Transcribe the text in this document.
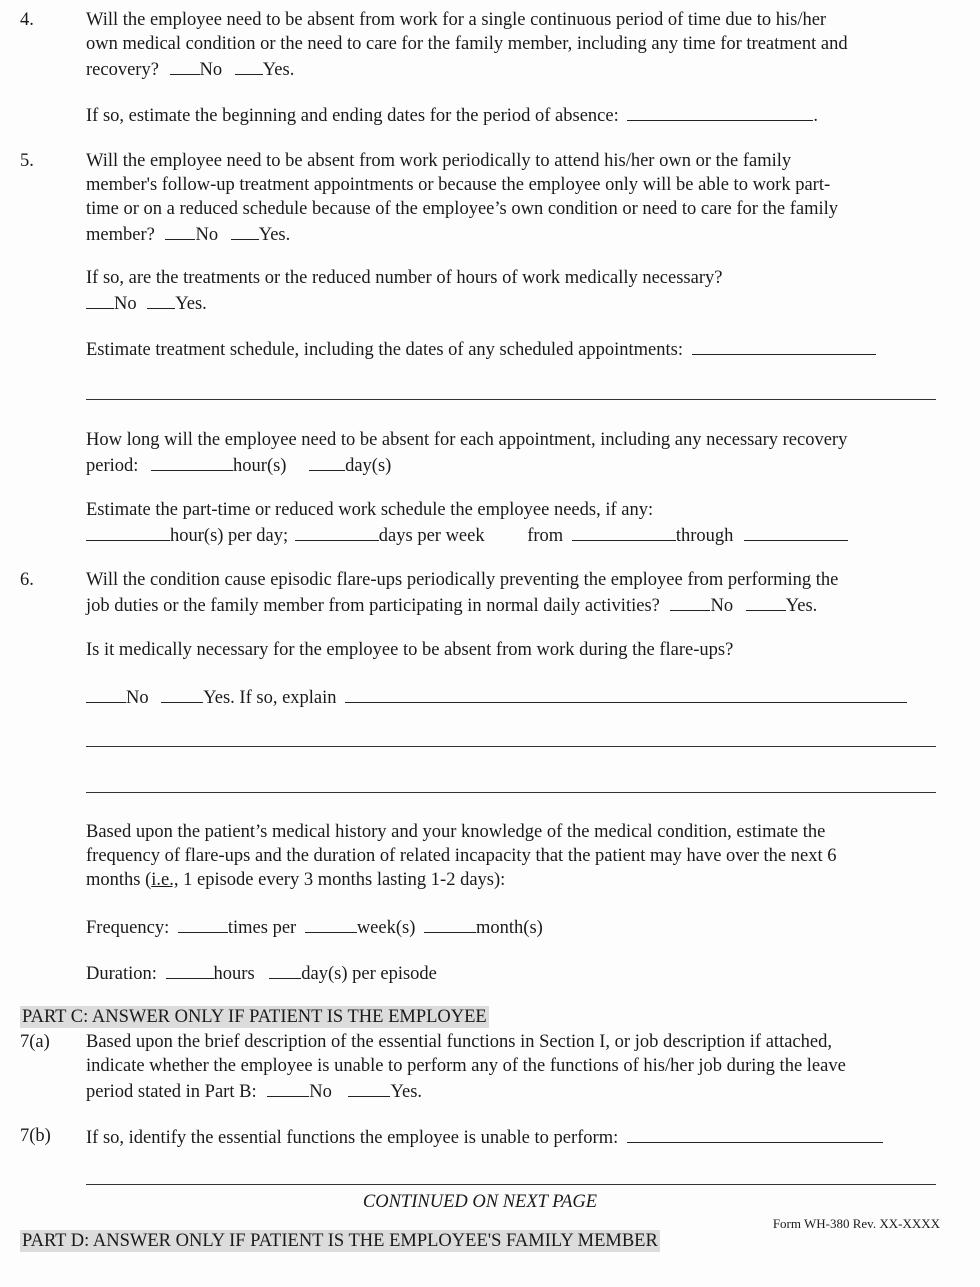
4.	Will the employee need to be absent from work for a single continuous period of time due to his/her
own medical condition or the need to care for the family member, including any time for treatment and
recovery? No Yes.
If so, estimate the beginning and ending dates for the period of absence:	.
5.	Will the employee need to be absent from work periodically to attend his/her own or the family
member's follow-up treatment appointments or because the employee only will be able to work part-
time or on a reduced schedule because of the employee’s own condition or need to care for the family
member? No Yes.
If so, are the treatments or the reduced number of hours of work medically necessary?
No Yes.
Estimate treatment schedule, including the dates of any scheduled appointments:
How long will the employee need to be absent for each appointment, including any necessary recovery
period:	hour(s)	day(s)
Estimate the part-time or reduced work schedule the employee needs, if any:
hour(s) per day;	days per week from	through
6.	Will the condition cause episodic flare-ups periodically preventing the employee from performing the
job duties or the family member from participating in normal daily activities?	No	Yes.
Is it medically necessary for the employee to be absent from work during the flare-ups?
No	Yes. If so, explain
Based upon the patient’s medical history and your knowledge of the medical condition, estimate the
frequency of flare-ups and the duration of related incapacity that the patient may have over the next 6
months (i.e., 1 episode every 3 months lasting 1-2 days):
Frequency:	times per	week(s)	month(s)
Duration:	hours	day(s) per episode
PART C: ANSWER ONLY IF PATIENT IS THE EMPLOYEE
7(a) Based upon the brief description of the essential functions in Section I, or job description if attached,
indicate whether the employee is unable to perform any of the functions of his/her job during the leave
period stated in Part B:	No	Yes.
7(b) If so, identify the essential functions the employee is unable to perform:
CONTINUED ON NEXT PAGE
Form WH-380 Rev. XX-XXXX
PART D: ANSWER ONLY IF PATIENT IS THE EMPLOYEE'S FAMILY MEMBER
